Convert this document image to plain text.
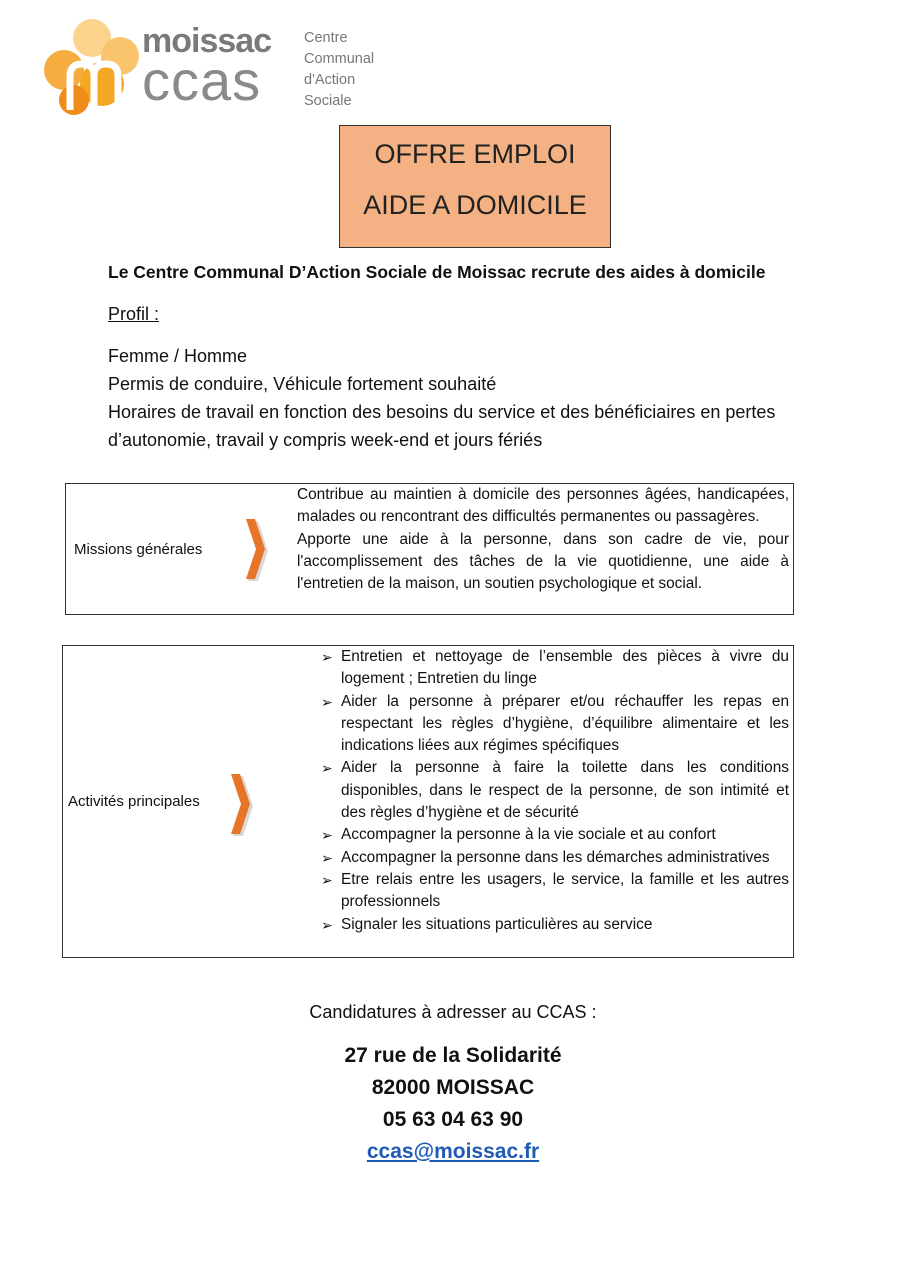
moissac
ccas
Centre
Communal
d'Action
Sociale
OFFRE EMPLOI
AIDE A DOMICILE
Le Centre Communal D’Action Sociale de Moissac recrute des aides à domicile
Profil :
Femme / Homme
Permis de conduire, Véhicule fortement souhaité
Horaires de travail en fonction des besoins du service et des bénéficiaires en pertes d’autonomie, travail y compris week-end et jours fériés
Missions générales

Contribue au maintien à domicile des personnes âgées, handicapées, malades ou rencontrant des difficultés permanentes ou passagères.

Apporte une aide à la personne, dans son cadre de vie, pour l'accomplissement des tâches de la vie quotidienne, une aide à l'entretien de la maison, un soutien psychologique et social.

Activités principales
➢ Entretien et nettoyage de l’ensemble des pièces à vivre du logement ; Entretien du linge
➢ Aider la personne à préparer et/ou réchauffer les repas en respectant les règles d’hygiène, d’équilibre alimentaire et les indications liées aux régimes spécifiques
➢ Aider la personne à faire la toilette dans les conditions disponibles, dans le respect de la personne, de son intimité et des règles d’hygiène et de sécurité
➢ Accompagner la personne à la vie sociale et au confort
➢ Accompagner la personne dans les démarches administratives
➢ Etre relais entre les usagers, le service, la famille et les autres professionnels
➢ Signaler les situations particulières au service
Candidatures à adresser au CCAS :
27 rue de la Solidarité
82000 MOISSAC
05 63 04 63 90
ccas@moissac.fr
